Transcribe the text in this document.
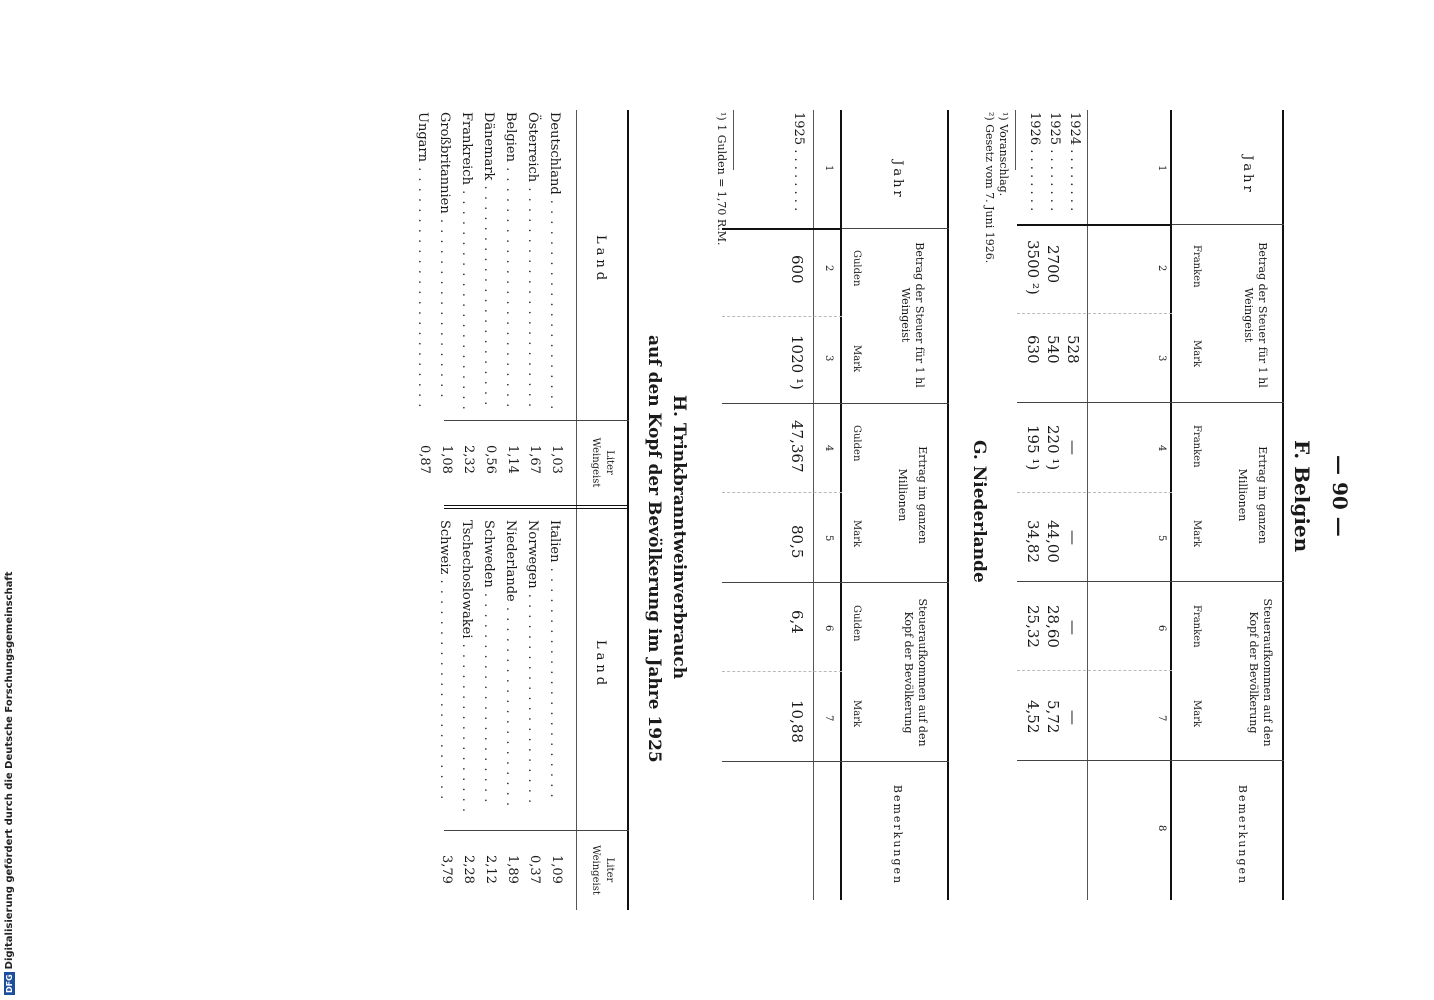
DFGDigitalisierung gefördert durch die Deutsche Forschungsgemeinschaft
— 90 —
F. Belgien
Jahr
Betrag der Steuer für 1 hl Weingeist
Ertrag im ganzen
Millionen
Steueraufkommen auf den Kopf der Bevölkerung
Bemerkungen
Franken
Mark
Franken
Mark
Franken
Mark
1
2
3
4
5
6
7
8
1924 . . . . . . . .
528
—
—
—
—
1925 . . . . . . . .
2700
540
220 ¹)
44,00
28,60
5,72
1926 . . . . . . . .
3500 ²)
630
195 ¹)
34,82
25,32
4,52
¹) Voranschlag.
²) Gesetz vom 7. Juni 1926.
G. Niederlande
Jahr
Betrag der Steuer für 1 hl Weingeist
Ertrag im ganzen
Millionen
Steueraufkommen auf den Kopf der Bevölkerung
Bemerkungen
Gulden
Mark
Gulden
Mark
Gulden
Mark
1
2
3
4
5
6
7
1925 . . . . . . . .
600
1020 ¹)
47,367
80,5
6,4
10,88
¹) 1 Gulden = 1,70 R.M.
H. Trinkbranntweinverbrauch
auf den Kopf der Bevölkerung im Jahre 1925
Land
Liter Weingeist
Land
Liter Weingeist
Deutschland . . . . . . . . . . . . . . . . . . . . .
Österreich . . . . . . . . . . . . . . . . . . . . . .
Belgien . . . . . . . . . . . . . . . . . . . . . . . .
Dänemark . . . . . . . . . . . . . . . . . . . . . .
Frankreich . . . . . . . . . . . . . . . . . . . . . .
Großbritannien . . . . . . . . . . . . . . . . . .
Ungarn . . . . . . . . . . . . . . . . . . . . . . . .
1,03
1,67
1,14
0,56
2,32
1,08
0,87
Italien . . . . . . . . . . . . . . . . . . . . . . .
Norwegen . . . . . . . . . . . . . . . . . . . . .
Niederlande . . . . . . . . . . . . . . . . . . . .
Schweden . . . . . . . . . . . . . . . . . . . . .
Tschechoslowakei . . . . . . . . . . . . . . . . .
Schweiz . . . . . . . . . . . . . . . . . . . . . .
1,09
0,37
1,89
2,12
2,28
3,79
